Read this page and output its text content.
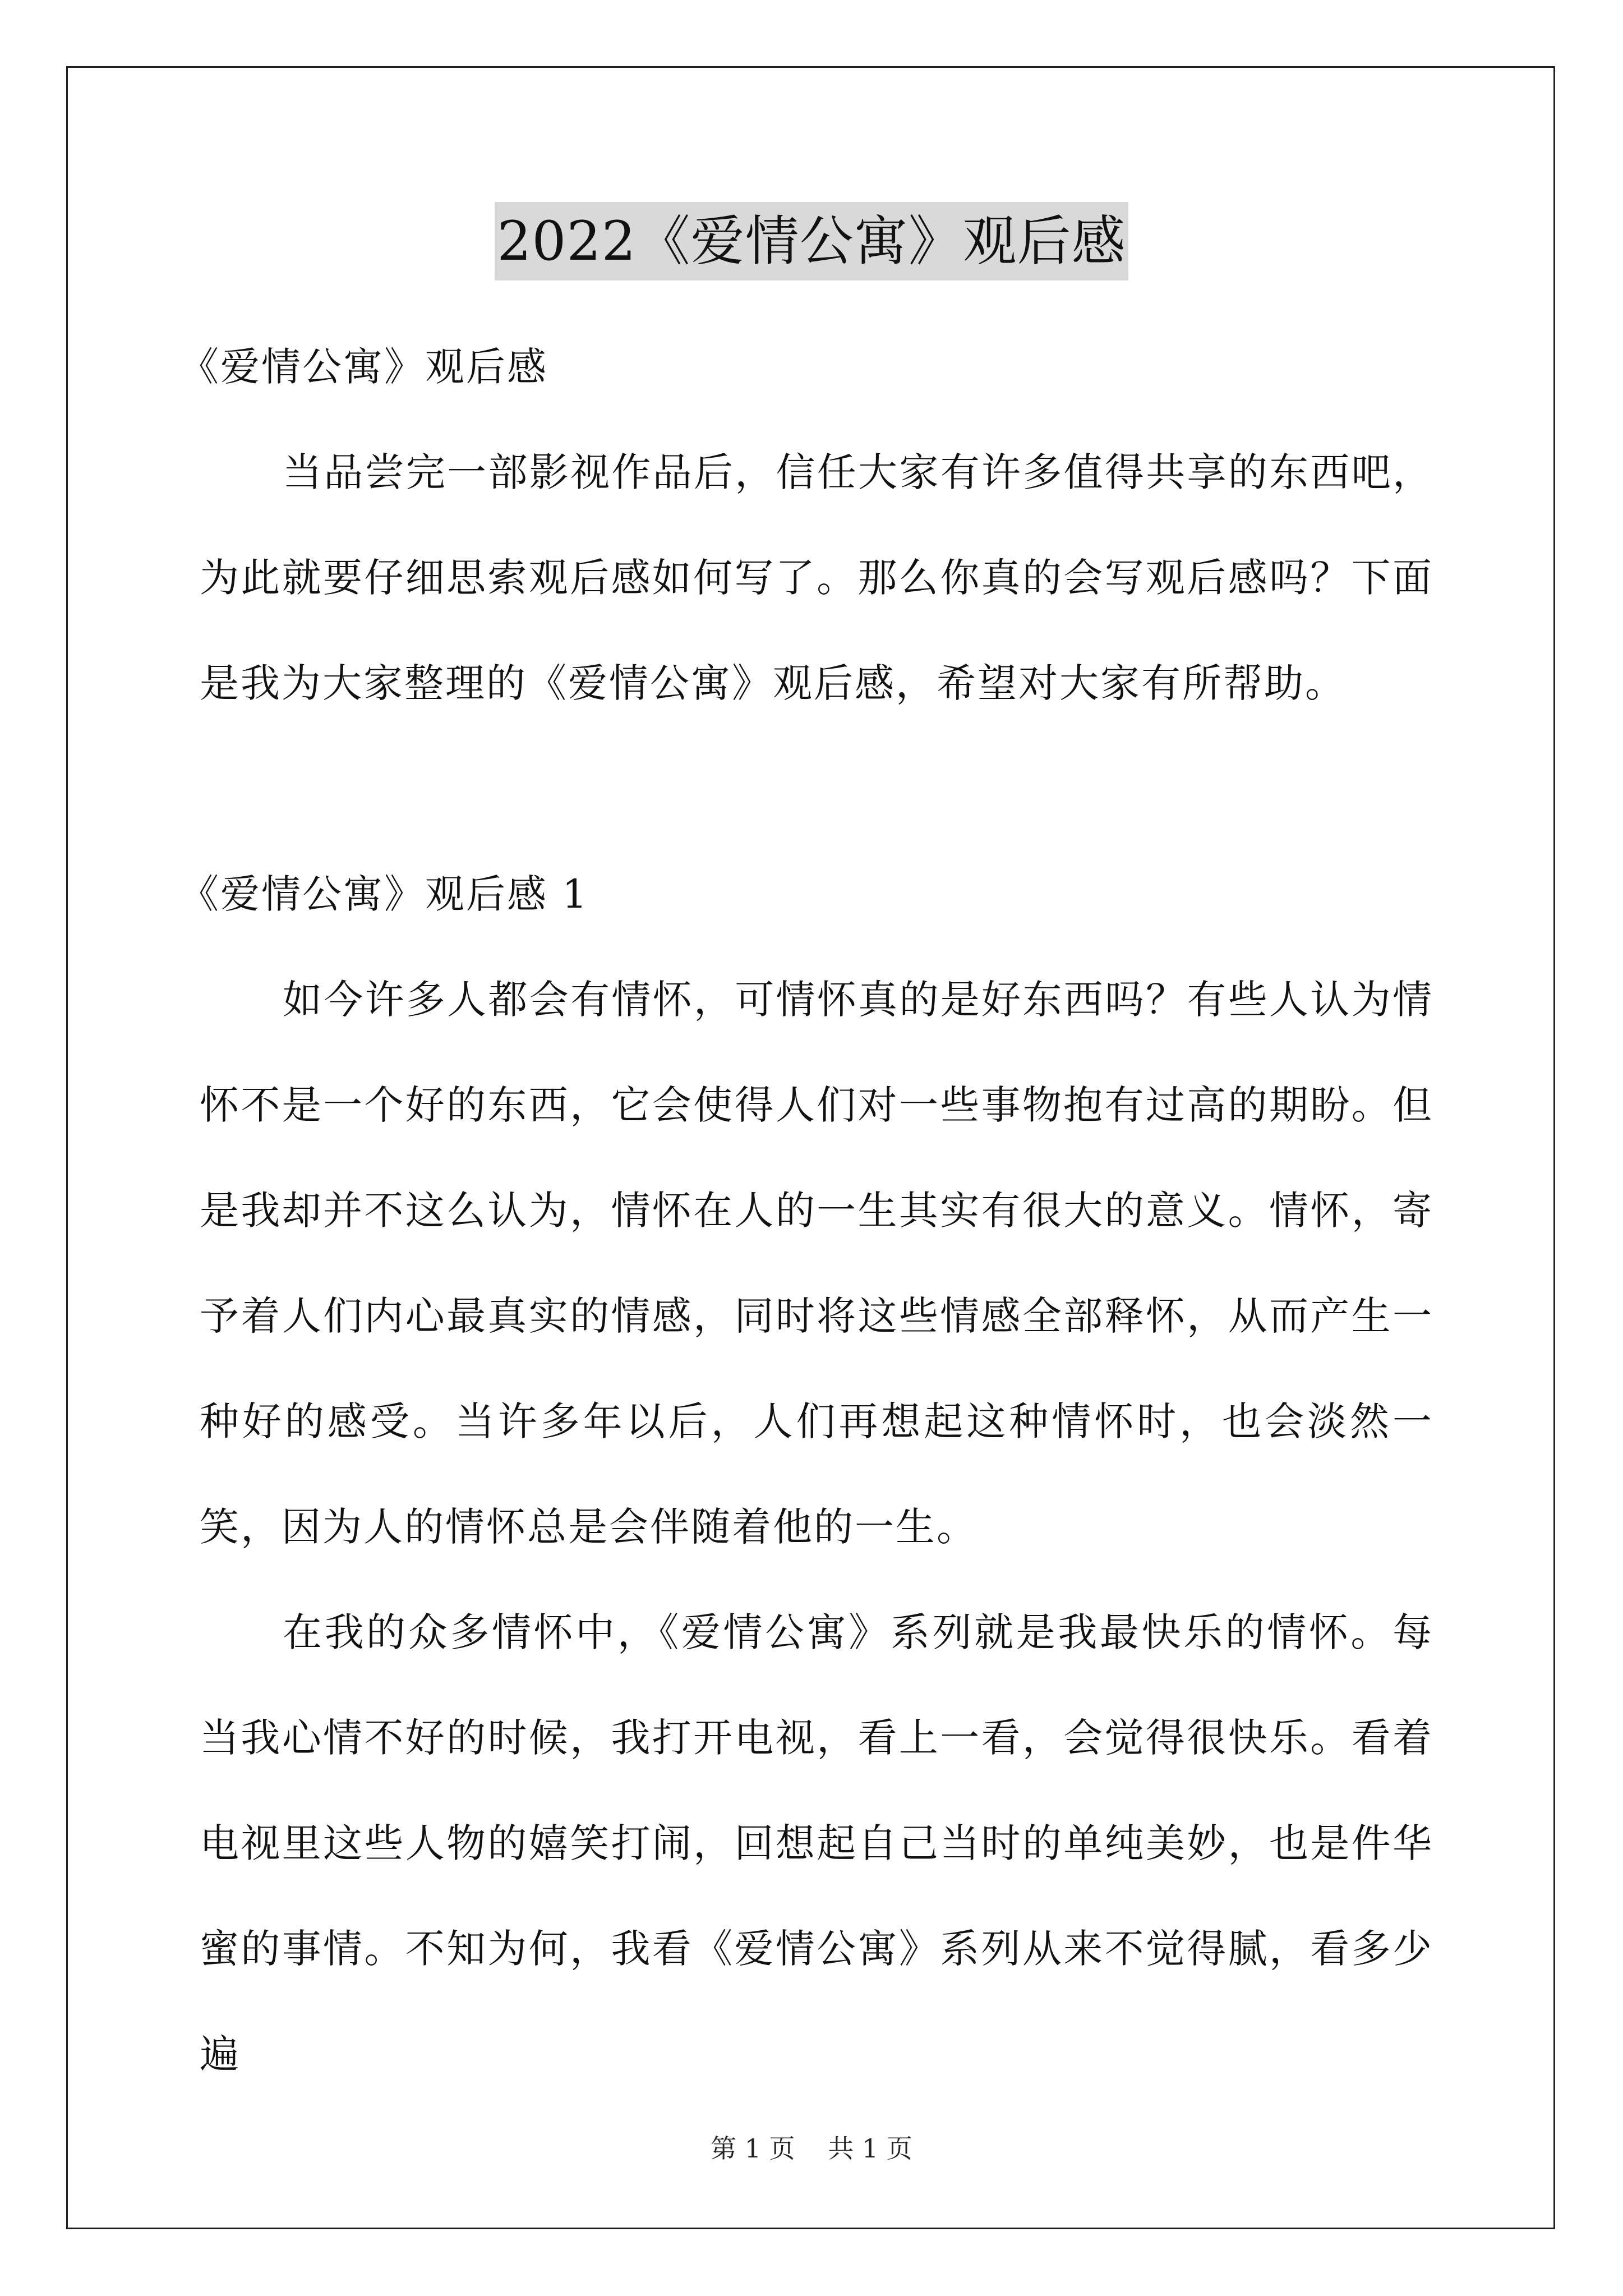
2022《爱情公寓》观后感

《爱情公寓》观后感

当品尝完一部影视作品后，信任大家有许多值得共享的东西吧，为此就要仔细思索观后感如何写了。那么你真的会写观后感吗？下面是我为大家整理的《爱情公寓》观后感，希望对大家有所帮助。

《爱情公寓》观后感 1

如今许多人都会有情怀，可情怀真的是好东西吗？有些人认为情怀不是一个好的东西，它会使得人们对一些事物抱有过高的期盼。但是我却并不这么认为，情怀在人的一生其实有很大的意义。情怀，寄予着人们内心最真实的情感，同时将这些情感全部释怀，从而产生一种好的感受。当许多年以后，人们再想起这种情怀时，也会淡然一笑，因为人的情怀总是会伴随着他的一生。

在我的众多情怀中，《爱情公寓》系列就是我最快乐的情怀。每当我心情不好的时候，我打开电视，看上一看，会觉得很快乐。看着电视里这些人物的嬉笑打闹，回想起自己当时的单纯美妙，也是件华蜜的事情。不知为何，我看《爱情公寓》系列从来不觉得腻，看多少遍

第 1 页 共 1 页
